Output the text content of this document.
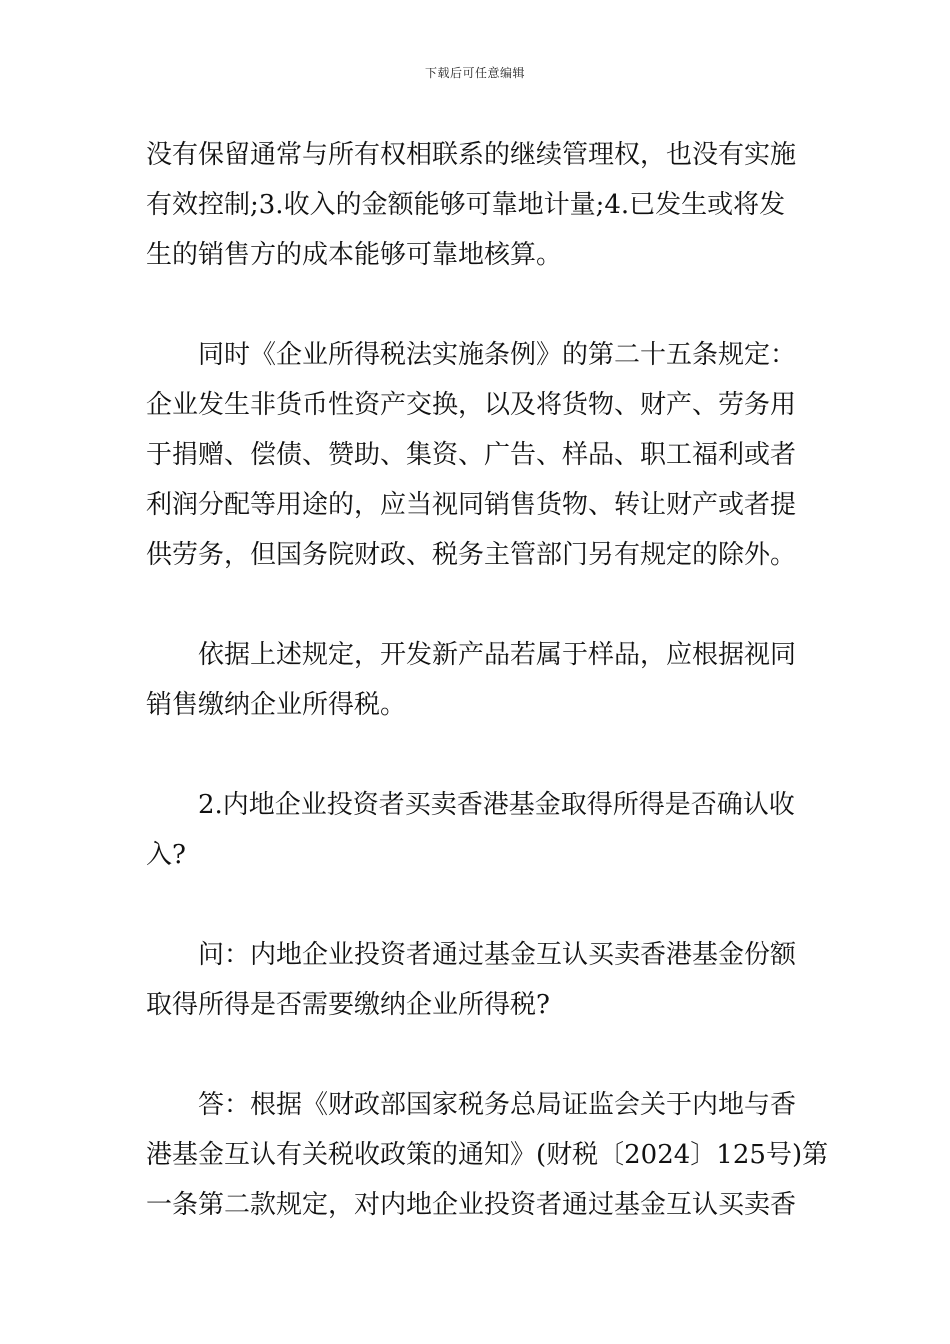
下载后可任意编辑
没有保留通常与所有权相联系的继续管理权，也没有实施
有效控制;3.收入的金额能够可靠地计量;4.已发生或将发
生的销售方的成本能够可靠地核算。
　　同时《企业所得税法实施条例》的第二十五条规定：
企业发生非货币性资产交换，以及将货物、财产、劳务用
于捐赠、偿债、赞助、集资、广告、样品、职工福利或者
利润分配等用途的，应当视同销售货物、转让财产或者提
供劳务，但国务院财政、税务主管部门另有规定的除外。
　　依据上述规定，开发新产品若属于样品，应根据视同
销售缴纳企业所得税。
　　2.内地企业投资者买卖香港基金取得所得是否确认收
入?
　　问：内地企业投资者通过基金互认买卖香港基金份额
取得所得是否需要缴纳企业所得税?
　　答：根据《财政部国家税务总局证监会关于内地与香
港基金互认有关税收政策的通知》(财税〔2024〕125号)第
一条第二款规定，对内地企业投资者通过基金互认买卖香
